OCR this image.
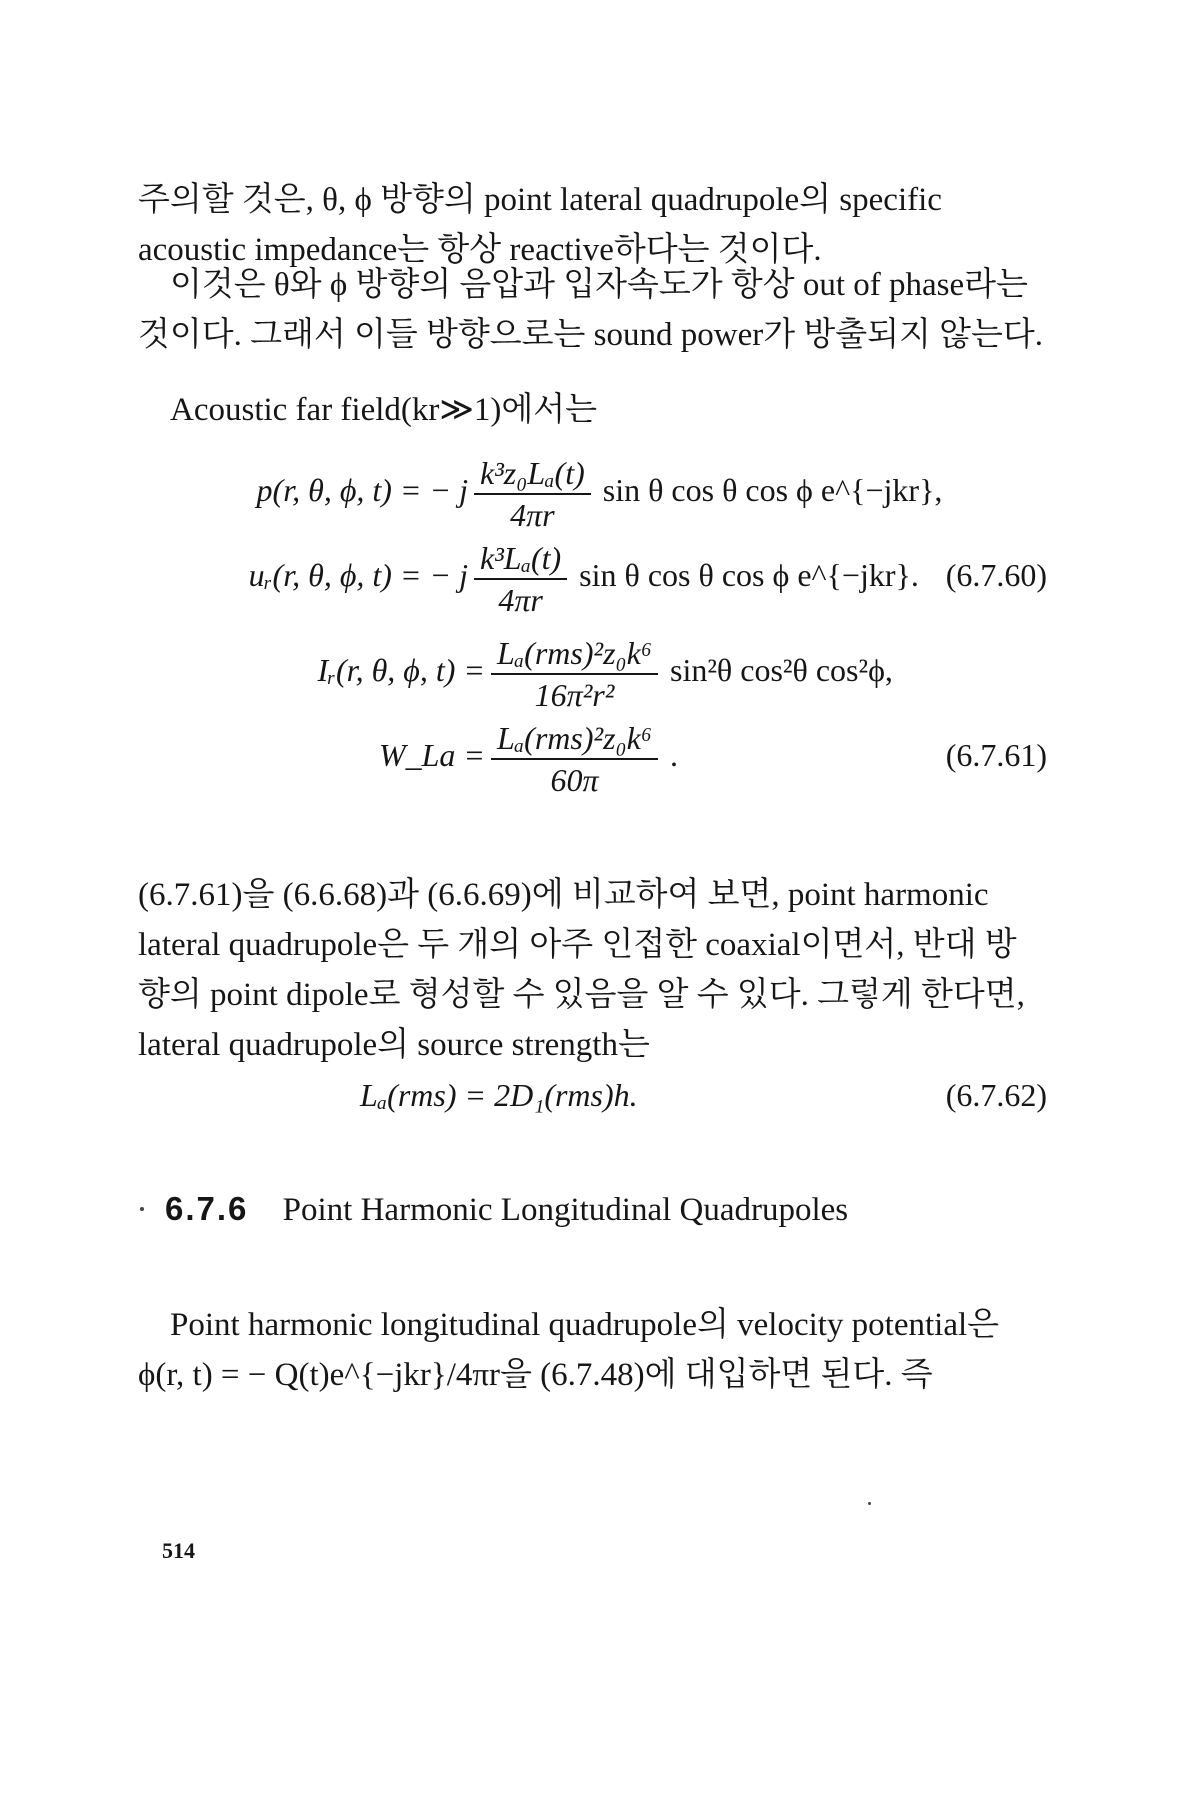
주의할 것은, θ, ϕ 방향의 point lateral quadrupole의 specific acoustic impedance는 항상 reactive하다는 것이다.

이것은 θ와 ϕ 방향의 음압과 입자속도가 항상 out of phase라는 것이다. 그래서 이들 방향으로는 sound power가 방출되지 않는다.

Acoustic far field(kr≫1)에서는

p(r, θ, ϕ, t) = − j $\frac{\text{k³z₀Lₐ(t)}}{4\pi r}$ sin θ cos θ cos ϕ e^{−jkr},
uᵣ(r, θ, ϕ, t) = − j $\frac{\text{k³Lₐ(t)}}{4\pi r}$ sin θ cos θ cos ϕ e^{−jkr}. (6.7.60)
Iᵣ(r, θ, ϕ, $t) = \frac{\text{Lₐ(rms)²z₀k⁶}}{\text{16π²r²}} \sin^2\theta$ cos²θ cos²ϕ,
W_La = $\frac{\text{Lₐ(rms)²z₀k⁶}}{60\pi}$ .	(6.7.61)

(6.7.61)을 (6.6.68)과 (6.6.69)에 비교하여 보면, point harmonic lateral quadrupole은 두 개의 아주 인접한 coaxial이면서, 반대 방향의 point dipole로 형성할 수 있음을 알 수 있다. 그렇게 한다면, lateral quadrupole의 source strength는

Lₐ(rms) = 2D₁(rms)h.	(6.7.62)
6.7.6 Point Harmonic Longitudinal Quadrupoles

Point harmonic longitudinal quadrupole의 velocity potential은 ϕ(r, t) = − Q(t)e^{−jkr}/4πr을 (6.7.48)에 대입하면 된다. 즉

514
